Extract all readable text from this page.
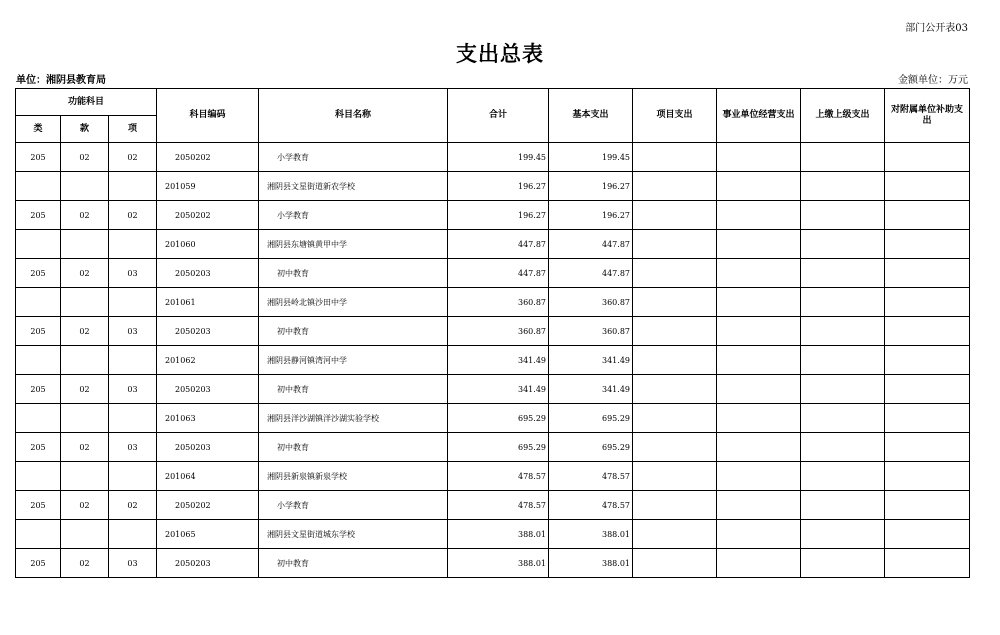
部门公开表03
支出总表
单位：湘阴县教育局	金额单位：万元
功能科目			科目编码	科目名称	合计	基本支出	项目支出	事业单位经营支出	上缴上级支出	对附属单位补助支出
类	款	项								
205	02	02	2050202	小学教育	199.45	199.45				
			201059	湘阴县文星街道新农学校	196.27	196.27				
205	02	02	2050202	小学教育	196.27	196.27				
			201060	湘阴县东塘镇黄甲中学	447.87	447.87				
205	02	03	2050203	初中教育	447.87	447.87				
			201061	湘阴县岭北镇沙田中学	360.87	360.87				
205	02	03	2050203	初中教育	360.87	360.87				
			201062	湘阴县静河镇湾河中学	341.49	341.49				
205	02	03	2050203	初中教育	341.49	341.49				
			201063	湘阴县洋沙湖镇洋沙湖实验学校	695.29	695.29				
205	02	03	2050203	初中教育	695.29	695.29				
			201064	湘阴县新泉镇新泉学校	478.57	478.57				
205	02	02	2050202	小学教育	478.57	478.57				
			201065	湘阴县文星街道城东学校	388.01	388.01				
205	02	03	2050203	初中教育	388.01	388.01				
